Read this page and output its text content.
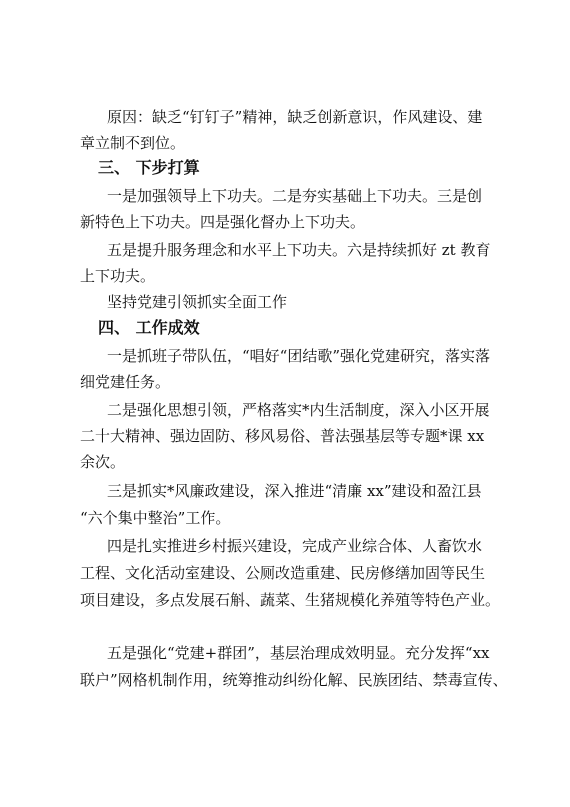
原因：缺乏“钉钉子”精神，缺乏创新意识，作风建设、建
章立制不到位。
三、 下步打算
一是加强领导上下功夫。二是夯实基础上下功夫。三是创
新特色上下功夫。四是强化督办上下功夫。
五是提升服务理念和水平上下功夫。六是持续抓好 zt 教育
上下功夫。
坚持党建引领抓实全面工作
四、 工作成效
一是抓班子带队伍，“唱好“团结歌”强化党建研究，落实落
细党建任务。
二是强化思想引领，严格落实*内生活制度，深入小区开展
二十大精神、强边固防、移风易俗、普法强基层等专题*课 xx
余次。
三是抓实*风廉政建设，深入推进“清廉 xx”建设和盈江县
“六个集中整治”工作。
四是扎实推进乡村振兴建设，完成产业综合体、人畜饮水
工程、文化活动室建设、公厕改造重建、民房修缮加固等民生
项目建设，多点发展石斛、蔬菜、生猪规模化养殖等特色产业。
五是强化“党建+群团”，基层治理成效明显。充分发挥“xx
联户”网格机制作用，统筹推动纠纷化解、民族团结、禁毒宣传、
